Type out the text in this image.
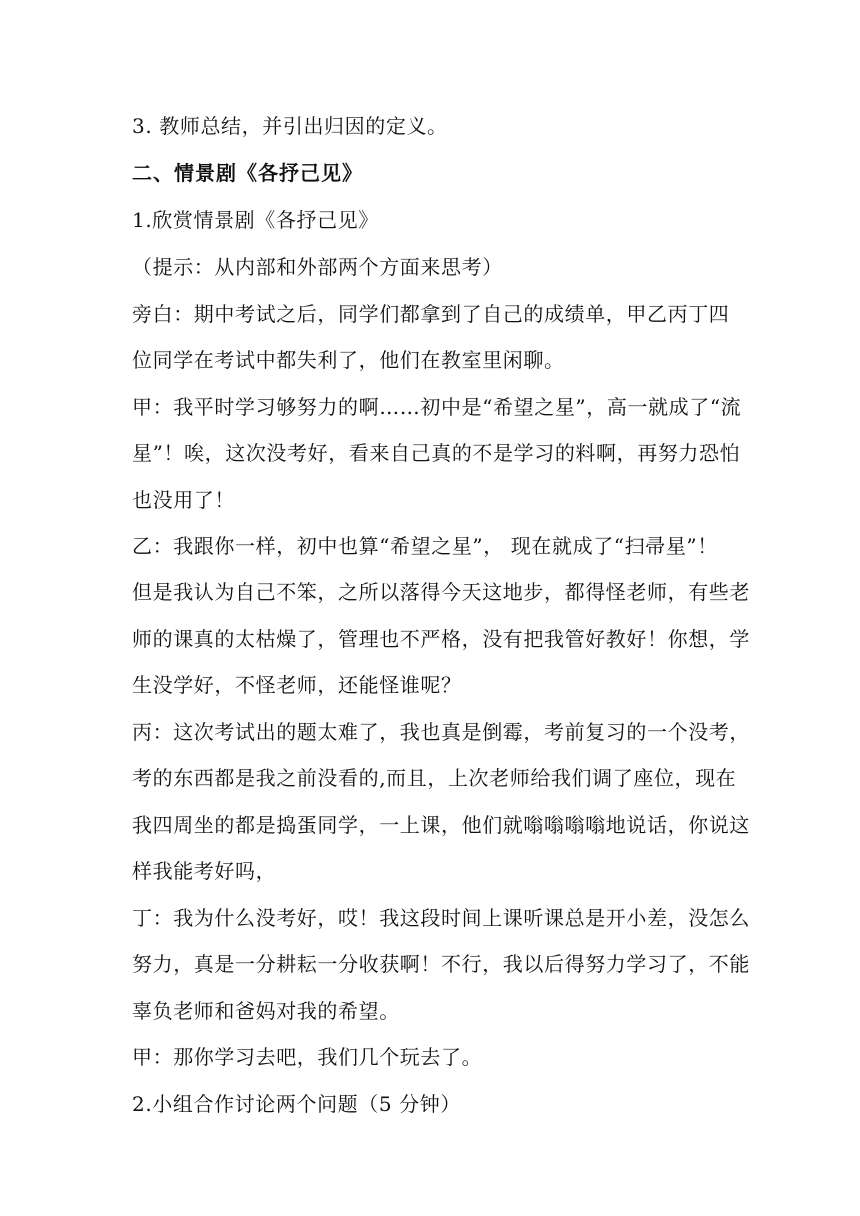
3. 教师总结，并引出归因的定义。
二、情景剧《各抒己见》
1.欣赏情景剧《各抒己见》
（提示：从内部和外部两个方面来思考）
旁白：期中考试之后，同学们都拿到了自己的成绩单，甲乙丙丁四
位同学在考试中都失利了，他们在教室里闲聊。
甲：我平时学习够努力的啊……初中是“希望之星”，高一就成了“流
星”！唉，这次没考好，看来自己真的不是学习的料啊，再努力恐怕
也没用了！
乙：我跟你一样，初中也算“希望之星”， 现在就成了“扫帚星”！
但是我认为自己不笨，之所以落得今天这地步，都得怪老师，有些老
师的课真的太枯燥了，管理也不严格，没有把我管好教好！你想，学
生没学好，不怪老师，还能怪谁呢？
丙：这次考试出的题太难了，我也真是倒霉，考前复习的一个没考，
考的东西都是我之前没看的,而且，上次老师给我们调了座位，现在
我四周坐的都是捣蛋同学，一上课，他们就嗡嗡嗡嗡地说话，你说这
样我能考好吗，
丁：我为什么没考好，哎！我这段时间上课听课总是开小差，没怎么
努力，真是一分耕耘一分收获啊！不行，我以后得努力学习了，不能
辜负老师和爸妈对我的希望。
甲：那你学习去吧，我们几个玩去了。
2.小组合作讨论两个问题（5 分钟）
